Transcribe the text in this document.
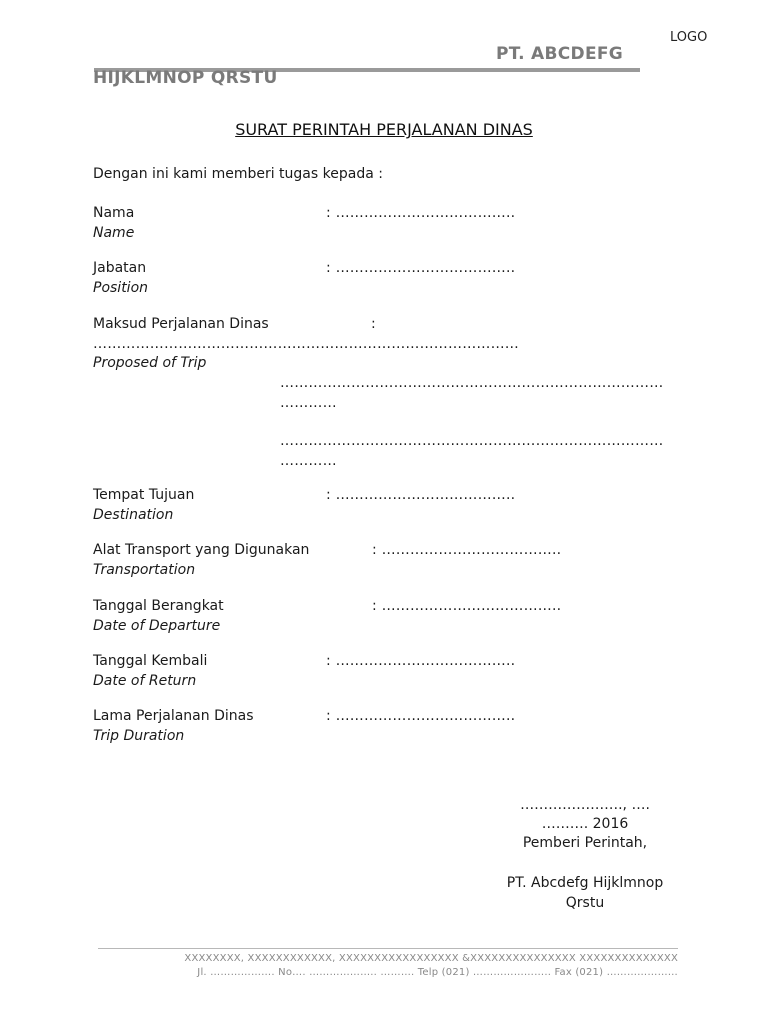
LOGO
PT. ABCDEFG
HIJKLMNOP QRSTU
SURAT PERINTAH PERJALANAN DINAS
Dengan ini kami memberi tugas kepada :
Nama	: ………………………………..
Name
Jabatan	: ………………………………..
Position
Maksud Perjalanan Dinas	:
………………………………………………………………………………
Proposed of Trip
………………………………………………………………………
…………
………………………………………………………………………
…………
Tempat Tujuan	: ………………………………..
Destination
Alat Transport yang Digunakan	: ………………………………..
Transportation
Tanggal Berangkat	: ………………………………..
Date of Departure
Tanggal Kembali	: ………………………………..
Date of Return
Lama Perjalanan Dinas	: ………………………………..
Trip Duration
…………………., ….
………. 2016
Pemberi Perintah,
PT. Abcdefg Hijklmnop
Qrstu
XXXXXXXX, XXXXXXXXXXXX, XXXXXXXXXXXXXXXXX &XXXXXXXXXXXXXXX XXXXXXXXXXXXXX
Jl. ………………. No…. ……………….. ………. Telp (021) ………………….. Fax (021) …………………
